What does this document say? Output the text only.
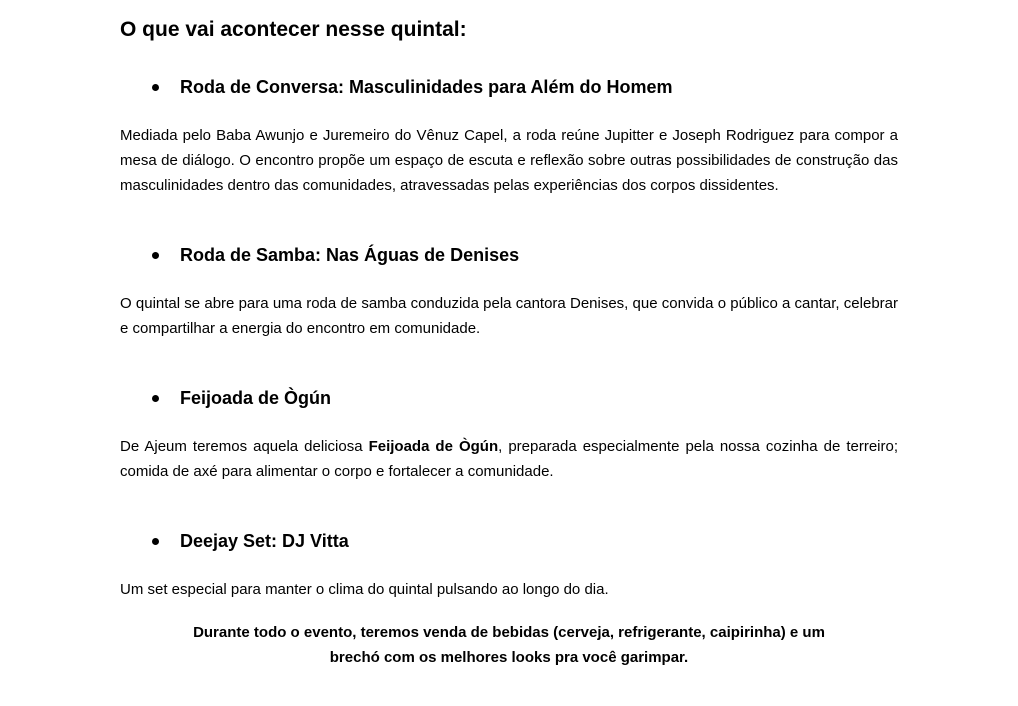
O que vai acontecer nesse quintal:
Roda de Conversa: Masculinidades para Além do Homem

Mediada pelo Baba Awunjo e Juremeiro do Vênuz Capel, a roda reúne Jupitter e Joseph Rodriguez para compor a mesa de diálogo. O encontro propõe um espaço de escuta e reflexão sobre outras possibilidades de construção das masculinidades dentro das comunidades, atravessadas pelas experiências dos corpos dissidentes.

Roda de Samba: Nas Águas de Denises

O quintal se abre para uma roda de samba conduzida pela cantora Denises, que convida o público a cantar, celebrar e compartilhar a energia do encontro em comunidade.

Feijoada de Ògún

De Ajeum teremos aquela deliciosa Feijoada de Ògún, preparada especialmente pela nossa cozinha de terreiro; comida de axé para alimentar o corpo e fortalecer a comunidade.

Deejay Set: DJ Vitta

Um set especial para manter o clima do quintal pulsando ao longo do dia.

Durante todo o evento, teremos venda de bebidas (cerveja, refrigerante, caipirinha) e um
brechó com os melhores looks pra você garimpar.
